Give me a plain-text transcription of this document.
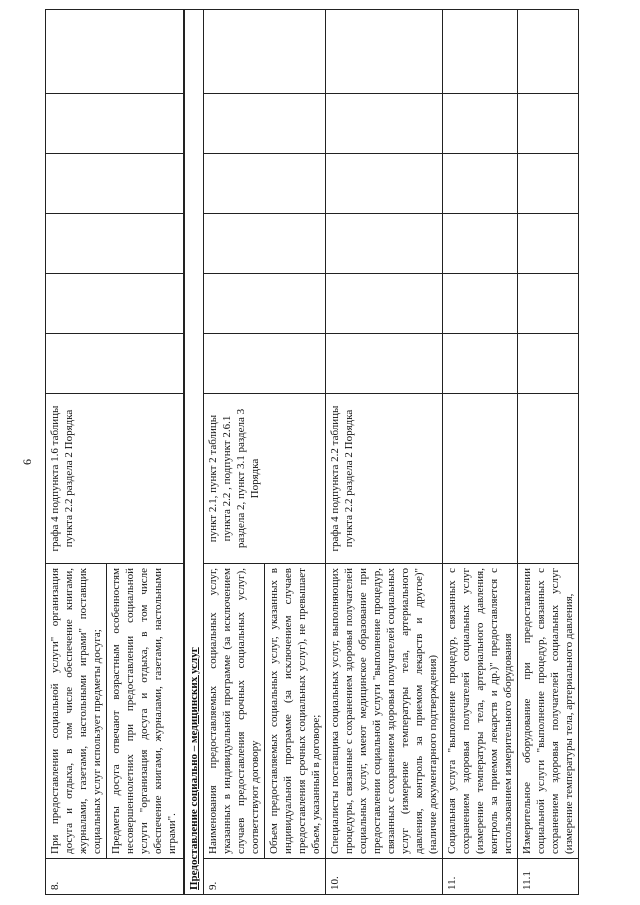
6
8.	При предоставлении социальной услуги" организация досуга и отдыха, в том числе обеспечение книгами, журналами, газетами, настольными играми" поставщик социальных услуг использует предметы досуга; Предметы досуга отвечают возрастным особенностям несовершеннолетних при предоставлении социальной услуги "организация досуга и отдыха, в том числе обеспечение книгами, журналами, газетами, настольными играми".	графа 4 подпункта 1.6 таблицы пункта 2.2 раздела 2 Порядка						
Предоставление социально – медицинских услуг								
9.	Наименования предоставляемых социальных услуг, указанных в индивидуальной программе (за исключением случаев предоставления срочных социальных услуг), соответствуют договору Объем предоставляемых социальных услуг, указанных в индивидуальной программе (за исключением случаев предоставления срочных социальных услуг), не превышает объем, указанный в договоре;	пункт 2.1, пункт 2 таблицы пункта 2.2 , подпункт 2.6.1 раздела 2, пункт 3.1 раздела 3 Порядка						
10.	Специалисты поставщика социальных услуг, выполняющих процедуры, связанные с сохранением здоровья получателей социальных услуг, имеют медицинское образование при предоставлении социальной услуги "выполнение процедур, связанных с сохранением здоровья получателей социальных услуг (измерение температуры тела, артериального давления, контроль за приемом лекарств и другое)" (наличие документарного подтверждения)	графа 4 подпункта 2.2 таблицы пункта 2.2 раздела 2 Порядка						
11.	Социальная услуга "выполнение процедур, связанных с сохранением здоровья получателей социальных услуг (измерение температуры тела, артериального давления, контроль за приемом лекарств и др.)" предоставляется с использованием измерительного оборудования							
11.1	Измерительное оборудование при предоставлении социальной услуги "выполнение процедур, связанных с сохранением здоровья получателей социальных услуг (измерение температуры тела, артериального давления,							
